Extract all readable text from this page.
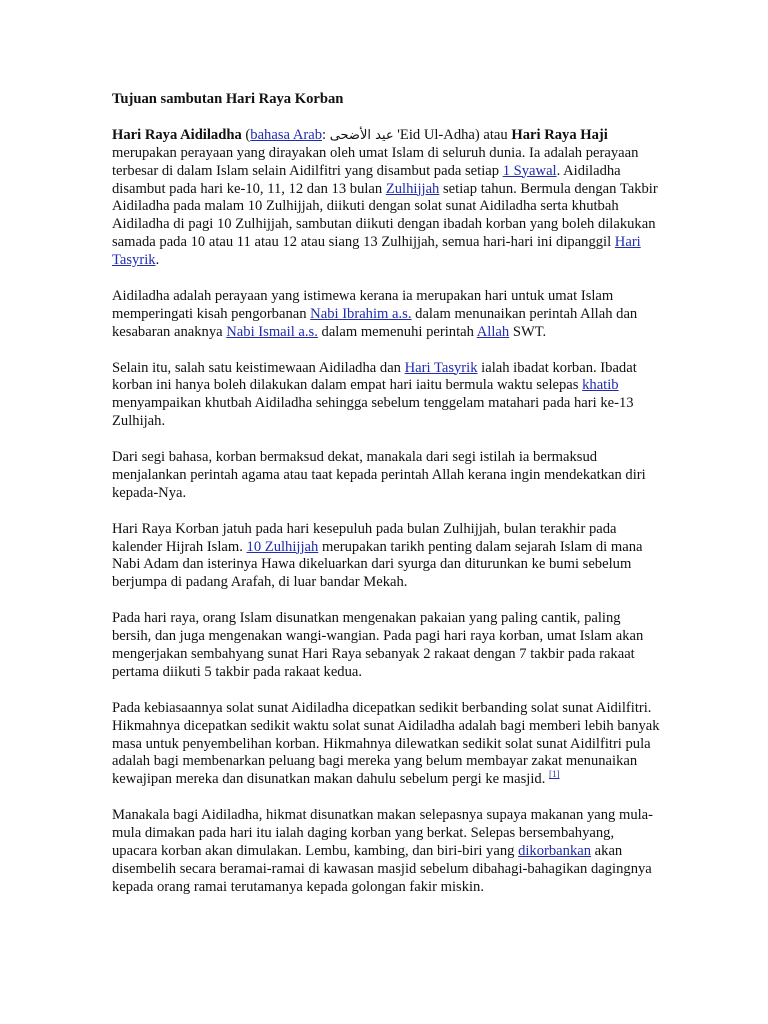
Tujuan sambutan Hari Raya Korban

Hari Raya Aidiladha (bahasa Arab: عيد الأضحى 'Eid Ul-Adha) atau Hari Raya Haji merupakan perayaan yang dirayakan oleh umat Islam di seluruh dunia. Ia adalah perayaan terbesar di dalam Islam selain Aidilfitri yang disambut pada setiap 1 Syawal. Aidiladha disambut pada hari ke-10, 11, 12 dan 13 bulan Zulhijjah setiap tahun. Bermula dengan Takbir Aidiladha pada malam 10 Zulhijjah, diikuti dengan solat sunat Aidiladha serta khutbah Aidiladha di pagi 10 Zulhijjah, sambutan diikuti dengan ibadah korban yang boleh dilakukan samada pada 10 atau 11 atau 12 atau siang 13 Zulhijjah, semua hari-hari ini dipanggil Hari Tasyrik.

Aidiladha adalah perayaan yang istimewa kerana ia merupakan hari untuk umat Islam memperingati kisah pengorbanan Nabi Ibrahim a.s. dalam menunaikan perintah Allah dan kesabaran anaknya Nabi Ismail a.s. dalam memenuhi perintah Allah SWT.

Selain itu, salah satu keistimewaan Aidiladha dan Hari Tasyrik ialah ibadat korban. Ibadat korban ini hanya boleh dilakukan dalam empat hari iaitu bermula waktu selepas khatib menyampaikan khutbah Aidiladha sehingga sebelum tenggelam matahari pada hari ke-13 Zulhijah.

Dari segi bahasa, korban bermaksud dekat, manakala dari segi istilah ia bermaksud menjalankan perintah agama atau taat kepada perintah Allah kerana ingin mendekatkan diri kepada-Nya.

Hari Raya Korban jatuh pada hari kesepuluh pada bulan Zulhijjah, bulan terakhir pada kalender Hijrah Islam. 10 Zulhijjah merupakan tarikh penting dalam sejarah Islam di mana Nabi Adam dan isterinya Hawa dikeluarkan dari syurga dan diturunkan ke bumi sebelum berjumpa di padang Arafah, di luar bandar Mekah.

Pada hari raya, orang Islam disunatkan mengenakan pakaian yang paling cantik, paling bersih, dan juga mengenakan wangi-wangian. Pada pagi hari raya korban, umat Islam akan mengerjakan sembahyang sunat Hari Raya sebanyak 2 rakaat dengan 7 takbir pada rakaat pertama diikuti 5 takbir pada rakaat kedua.

Pada kebiasaannya solat sunat Aidiladha dicepatkan sedikit berbanding solat sunat Aidilfitri. Hikmahnya dicepatkan sedikit waktu solat sunat Aidiladha adalah bagi memberi lebih banyak masa untuk penyembelihan korban. Hikmahnya dilewatkan sedikit solat sunat Aidilfitri pula adalah bagi membenarkan peluang bagi mereka yang belum membayar zakat menunaikan kewajipan mereka dan disunatkan makan dahulu sebelum pergi ke masjid. [1]

Manakala bagi Aidiladha, hikmat disunatkan makan selepasnya supaya makanan yang mula-mula dimakan pada hari itu ialah daging korban yang berkat. Selepas bersembahyang, upacara korban akan dimulakan. Lembu, kambing, dan biri-biri yang dikorbankan akan disembelih secara beramai-ramai di kawasan masjid sebelum dibahagi-bahagikan dagingnya kepada orang ramai terutamanya kepada golongan fakir miskin.
